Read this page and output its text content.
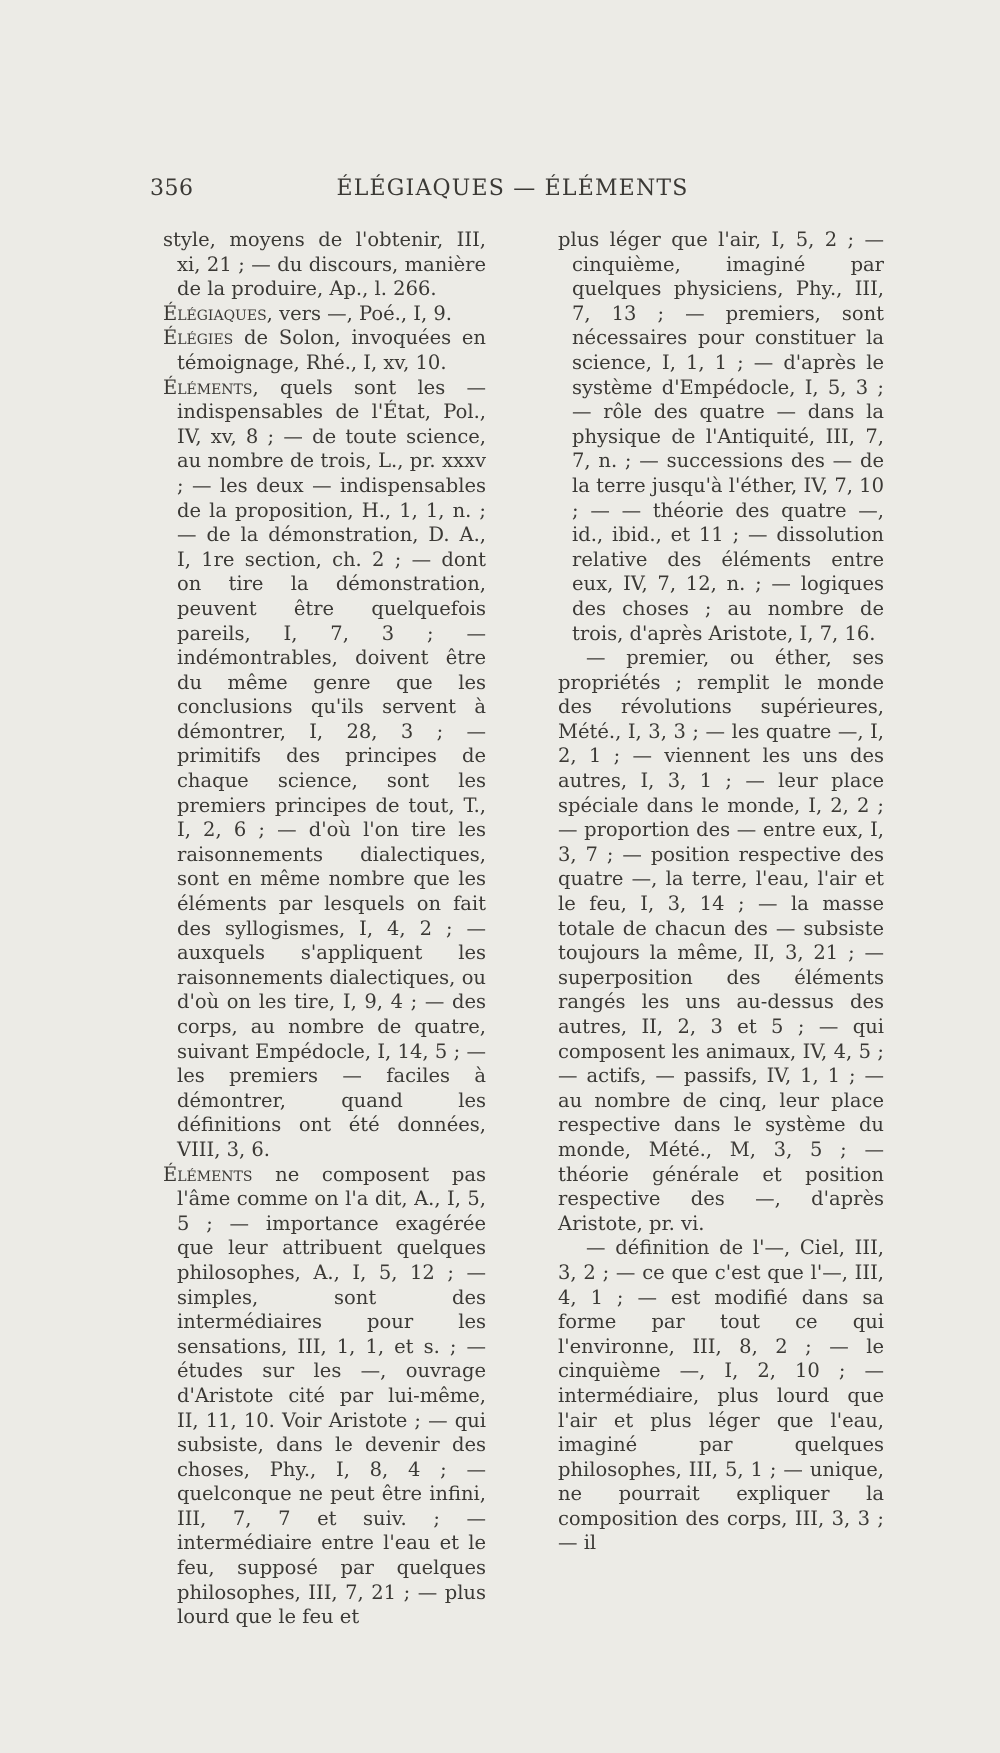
356	ÉLÉGIAQUES — ÉLÉMENTS

style, moyens de l'obtenir, III, xi, 21 ; — du discours, manière de la produire, Ap., l. 266.

Élégiaques, vers —, Poé., I, 9.

Élégies de Solon, invoquées en témoignage, Rhé., I, xv, 10.

Éléments, quels sont les — indispensables de l'État, Pol., IV, xv, 8 ; — de toute science, au nombre de trois, L., pr. xxxv ; — les deux — indispensables de la proposition, H., 1, 1, n. ; — de la démonstration, D. A., I, 1re section, ch. 2 ; — dont on tire la démonstration, peuvent être quelquefois pareils, I, 7, 3 ; — indémontrables, doivent être du même genre que les conclusions qu'ils servent à démontrer, I, 28, 3 ; — primitifs des principes de chaque science, sont les premiers principes de tout, T., I, 2, 6 ; — d'où l'on tire les raisonnements dialectiques, sont en même nombre que les éléments par lesquels on fait des syllogismes, I, 4, 2 ; — auxquels s'appliquent les raisonnements dialectiques, ou d'où on les tire, I, 9, 4 ; — des corps, au nombre de quatre, suivant Empédocle, I, 14, 5 ; — les premiers — faciles à démontrer, quand les définitions ont été données, VIII, 3, 6.

Éléments ne composent pas l'âme comme on l'a dit, A., I, 5, 5 ; — importance exagérée que leur attribuent quelques philosophes, A., I, 5, 12 ; — simples, sont des intermédiaires pour les sensations, III, 1, 1, et s. ; — études sur les —, ouvrage d'Aristote cité par lui-même, II, 11, 10. Voir Aristote ; — qui subsiste, dans le devenir des choses, Phy., I, 8, 4 ; — quelconque ne peut être infini, III, 7, 7 et suiv. ; — intermédiaire entre l'eau et le feu, supposé par quelques philosophes, III, 7, 21 ; — plus lourd que le feu et

plus léger que l'air, I, 5, 2 ; — cinquième, imaginé par quelques physiciens, Phy., III, 7, 13 ; — premiers, sont nécessaires pour constituer la science, I, 1, 1 ; — d'après le système d'Empédocle, I, 5, 3 ; — rôle des quatre — dans la physique de l'Antiquité, III, 7, 7, n. ; — successions des — de la terre jusqu'à l'éther, IV, 7, 10 ; — — théorie des quatre —, id., ibid., et 11 ; — dissolution relative des éléments entre eux, IV, 7, 12, n. ; — logiques des choses ; au nombre de trois, d'après Aristote, I, 7, 16.

— premier, ou éther, ses propriétés ; remplit le monde des révolutions supérieures, Mété., I, 3, 3 ; — les quatre —, I, 2, 1 ; — viennent les uns des autres, I, 3, 1 ; — leur place spéciale dans le monde, I, 2, 2 ; — proportion des — entre eux, I, 3, 7 ; — position respective des quatre —, la terre, l'eau, l'air et le feu, I, 3, 14 ; — la masse totale de chacun des — subsiste toujours la même, II, 3, 21 ; — superposition des éléments rangés les uns au-dessus des autres, II, 2, 3 et 5 ; — qui composent les animaux, IV, 4, 5 ; — actifs, — passifs, IV, 1, 1 ; — au nombre de cinq, leur place respective dans le système du monde, Mété., M, 3, 5 ; — théorie générale et position respective des —, d'après Aristote, pr. vi.

— définition de l'—, Ciel, III, 3, 2 ; — ce que c'est que l'—, III, 4, 1 ; — est modifié dans sa forme par tout ce qui l'environne, III, 8, 2 ; — le cinquième —, I, 2, 10 ; — intermédiaire, plus lourd que l'air et plus léger que l'eau, imaginé par quelques philosophes, III, 5, 1 ; — unique, ne pourrait expliquer la composition des corps, III, 3, 3 ; — il
